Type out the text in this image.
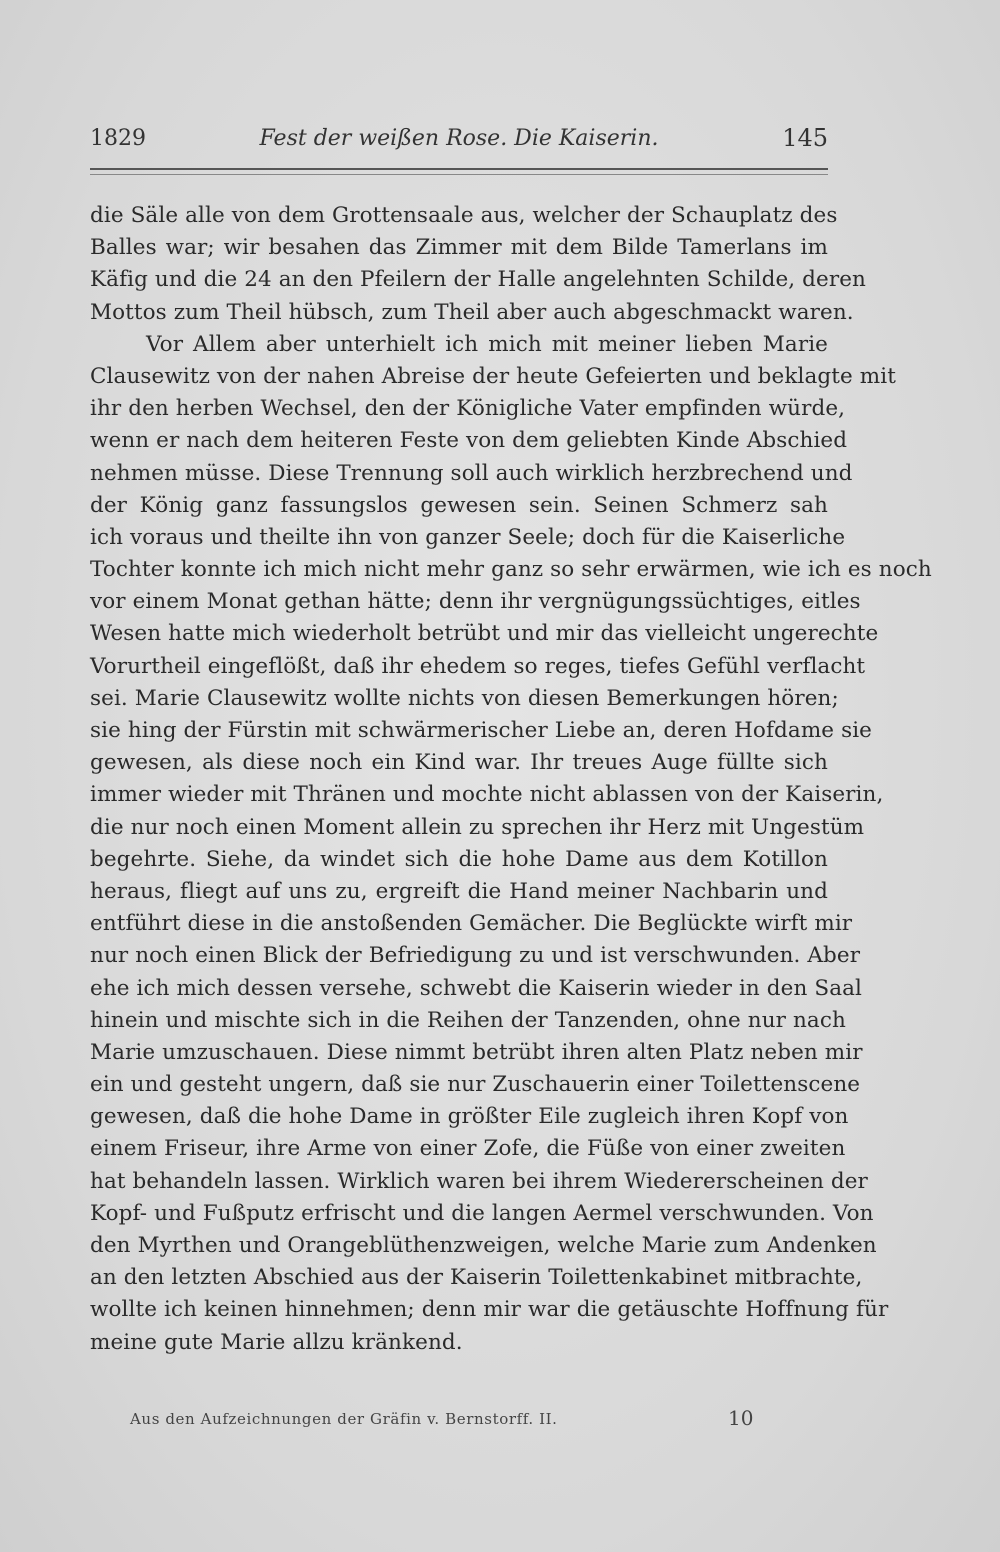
1829	Fest der weißen Rose. Die Kaiserin.	145
die Säle alle von dem Grottensaale aus, welcher der Schauplatz des
Balles war; wir besahen das Zimmer mit dem Bilde Tamerlans im
Käfig und die 24 an den Pfeilern der Halle angelehnten Schilde, deren
Mottos zum Theil hübsch, zum Theil aber auch abgeschmackt waren.
Vor Allem aber unterhielt ich mich mit meiner lieben Marie
Clausewitz von der nahen Abreise der heute Gefeierten und beklagte mit
ihr den herben Wechsel, den der Königliche Vater empfinden würde,
wenn er nach dem heiteren Feste von dem geliebten Kinde Abschied
nehmen müsse. Diese Trennung soll auch wirklich herzbrechend und
der König ganz fassungslos gewesen sein. Seinen Schmerz sah
ich voraus und theilte ihn von ganzer Seele; doch für die Kaiserliche
Tochter konnte ich mich nicht mehr ganz so sehr erwärmen, wie ich es noch
vor einem Monat gethan hätte; denn ihr vergnügungssüchtiges, eitles
Wesen hatte mich wiederholt betrübt und mir das vielleicht ungerechte
Vorurtheil eingeflößt, daß ihr ehedem so reges, tiefes Gefühl verflacht
sei. Marie Clausewitz wollte nichts von diesen Bemerkungen hören;
sie hing der Fürstin mit schwärmerischer Liebe an, deren Hofdame sie
gewesen, als diese noch ein Kind war. Ihr treues Auge füllte sich
immer wieder mit Thränen und mochte nicht ablassen von der Kaiserin,
die nur noch einen Moment allein zu sprechen ihr Herz mit Ungestüm
begehrte. Siehe, da windet sich die hohe Dame aus dem Kotillon
heraus, fliegt auf uns zu, ergreift die Hand meiner Nachbarin und
entführt diese in die anstoßenden Gemächer. Die Beglückte wirft mir
nur noch einen Blick der Befriedigung zu und ist verschwunden. Aber
ehe ich mich dessen versehe, schwebt die Kaiserin wieder in den Saal
hinein und mischte sich in die Reihen der Tanzenden, ohne nur nach
Marie umzuschauen. Diese nimmt betrübt ihren alten Platz neben mir
ein und gesteht ungern, daß sie nur Zuschauerin einer Toilettenscene
gewesen, daß die hohe Dame in größter Eile zugleich ihren Kopf von
einem Friseur, ihre Arme von einer Zofe, die Füße von einer zweiten
hat behandeln lassen. Wirklich waren bei ihrem Wiedererscheinen der
Kopf- und Fußputz erfrischt und die langen Aermel verschwunden. Von
den Myrthen und Orangeblüthenzweigen, welche Marie zum Andenken
an den letzten Abschied aus der Kaiserin Toilettenkabinet mitbrachte,
wollte ich keinen hinnehmen; denn mir war die getäuschte Hoffnung für
meine gute Marie allzu kränkend.
Aus den Aufzeichnungen der Gräfin v. Bernstorff. II.	10
